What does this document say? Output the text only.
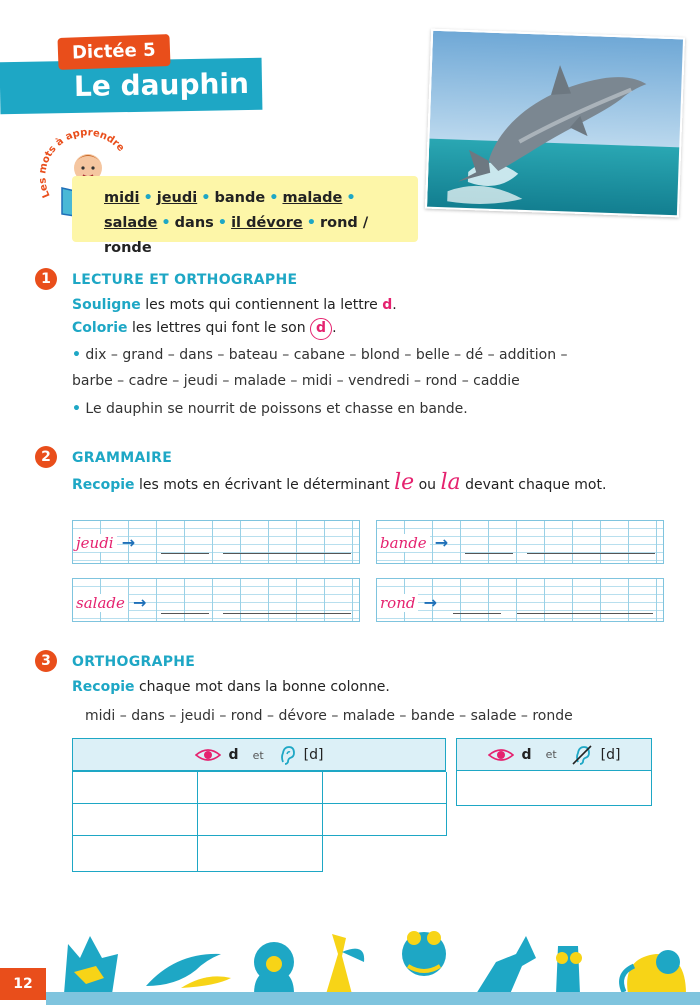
Le dauphin
Dictée 5
Les mots à apprendre
midi • jeudi • bande • malade •
salade • dans • il dévore • rond / ronde
1	LECTURE ET ORTHOGRAPHE
Souligne les mots qui contiennent la lettre d.
Colorie les lettres qui font le son d .
• dix – grand – dans – bateau – cabane – blond – belle – dé – addition –
barbe – cadre – jeudi – malade – midi – vendredi – rond – caddie
• Le dauphin se nourrit de poissons et chasse en bande.
2	GRAMMAIRE
Recopie les mots en écrivant le déterminant le ou la devant chaque mot.
jeudi →	bande →
salade →	rond →
3	ORTHOGRAPHE
Recopie chaque mot dans la bonne colonne.
midi – dans – jeudi – rond – dévore – malade – bande – salade – ronde
d et	[d]	d et	[d]
12
